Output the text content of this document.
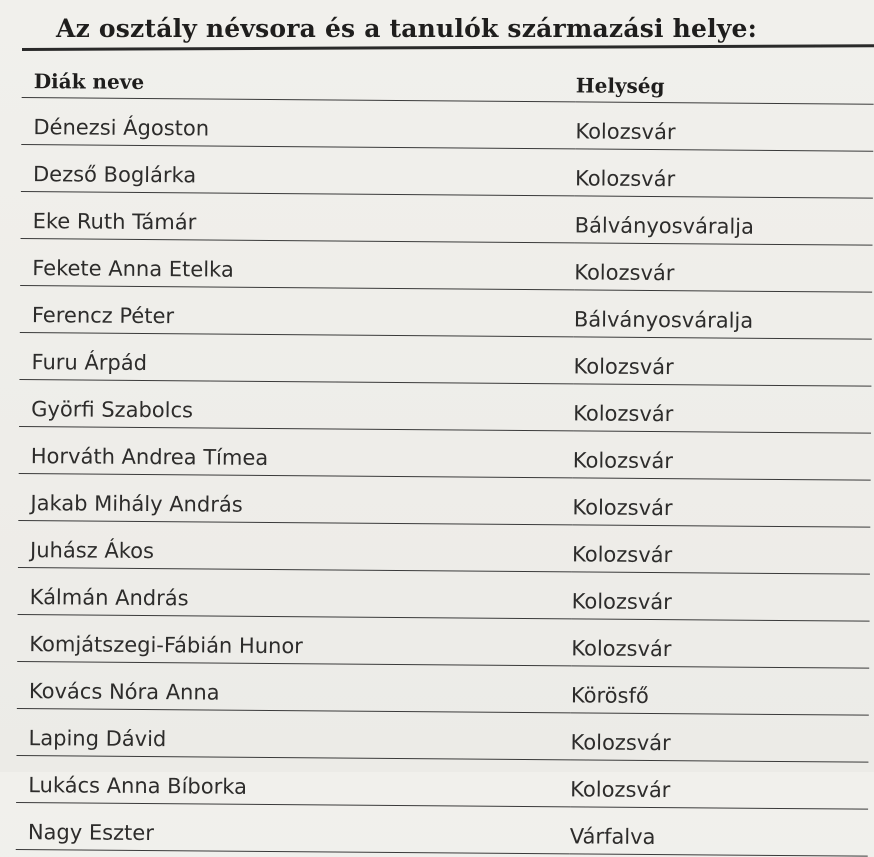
Az osztály névsora és a tanulók származási helye:
Diák neve	Helység
Dénezsi Ágoston	Kolozsvár
Dezső Boglárka	Kolozsvár
Eke Ruth Támár	Bálványosváralja
Fekete Anna Etelka	Kolozsvár
Ferencz Péter	Bálványosváralja
Furu Árpád	Kolozsvár
Györfi Szabolcs	Kolozsvár
Horváth Andrea Tímea	Kolozsvár
Jakab Mihály András	Kolozsvár
Juhász Ákos	Kolozsvár
Kálmán András	Kolozsvár
Komjátszegi-Fábián Hunor	Kolozsvár
Kovács Nóra Anna	Körösfő
Laping Dávid	Kolozsvár
Lukács Anna Bíborka	Kolozsvár
Nagy Eszter	Várfalva
